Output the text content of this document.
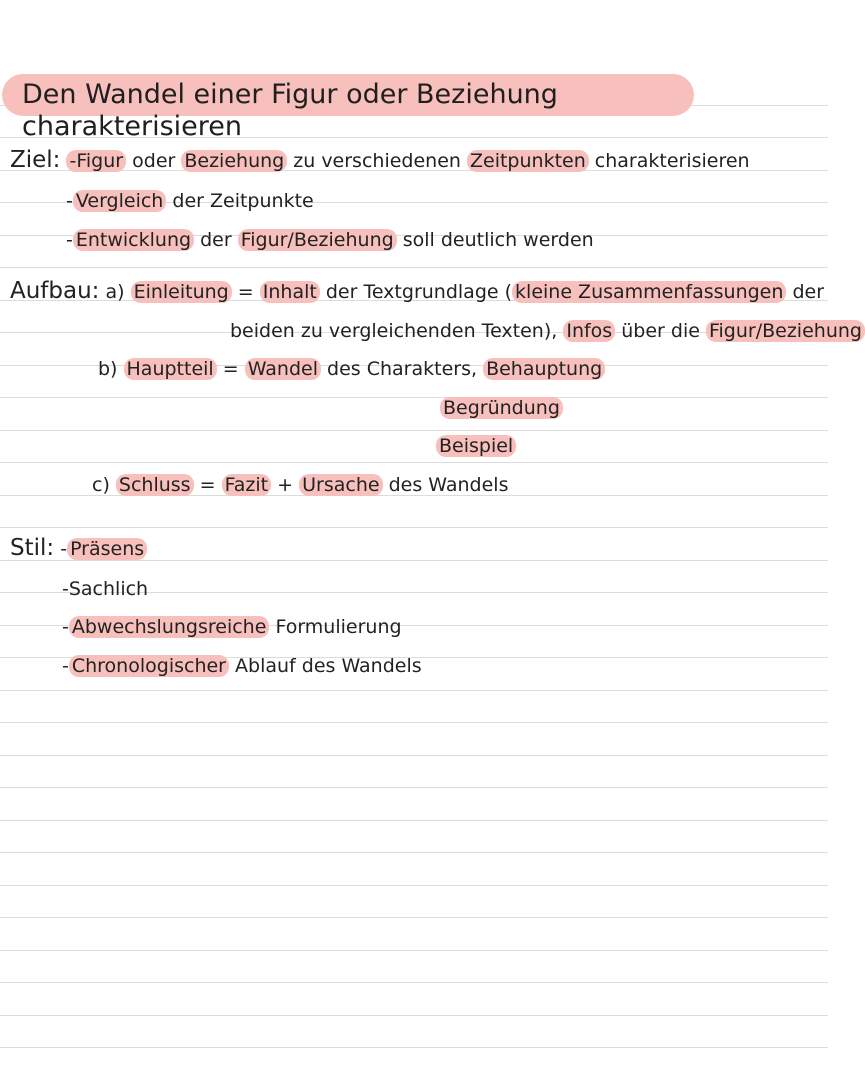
Den Wandel einer Figur oder Beziehung charakterisieren
Ziel: -Figur oder Beziehung zu verschiedenen Zeitpunkten charakterisieren
- Vergleich der Zeitpunkte
- Entwicklung der Figur/Beziehung soll deutlich werden
Aufbau: a) Einleitung = Inhalt der Textgrundlage ( kleine Zusammenfassungen der
beiden zu vergleichenden Texten), Infos über die Figur/Beziehung
b) Hauptteil = Wandel des Charakters, Behauptung
Begründung
Beispiel
c) Schluss = Fazit + Ursache des Wandels
Stil: - Präsens
-Sachlich
- Abwechslungsreiche Formulierung
- Chronologischer Ablauf des Wandels
